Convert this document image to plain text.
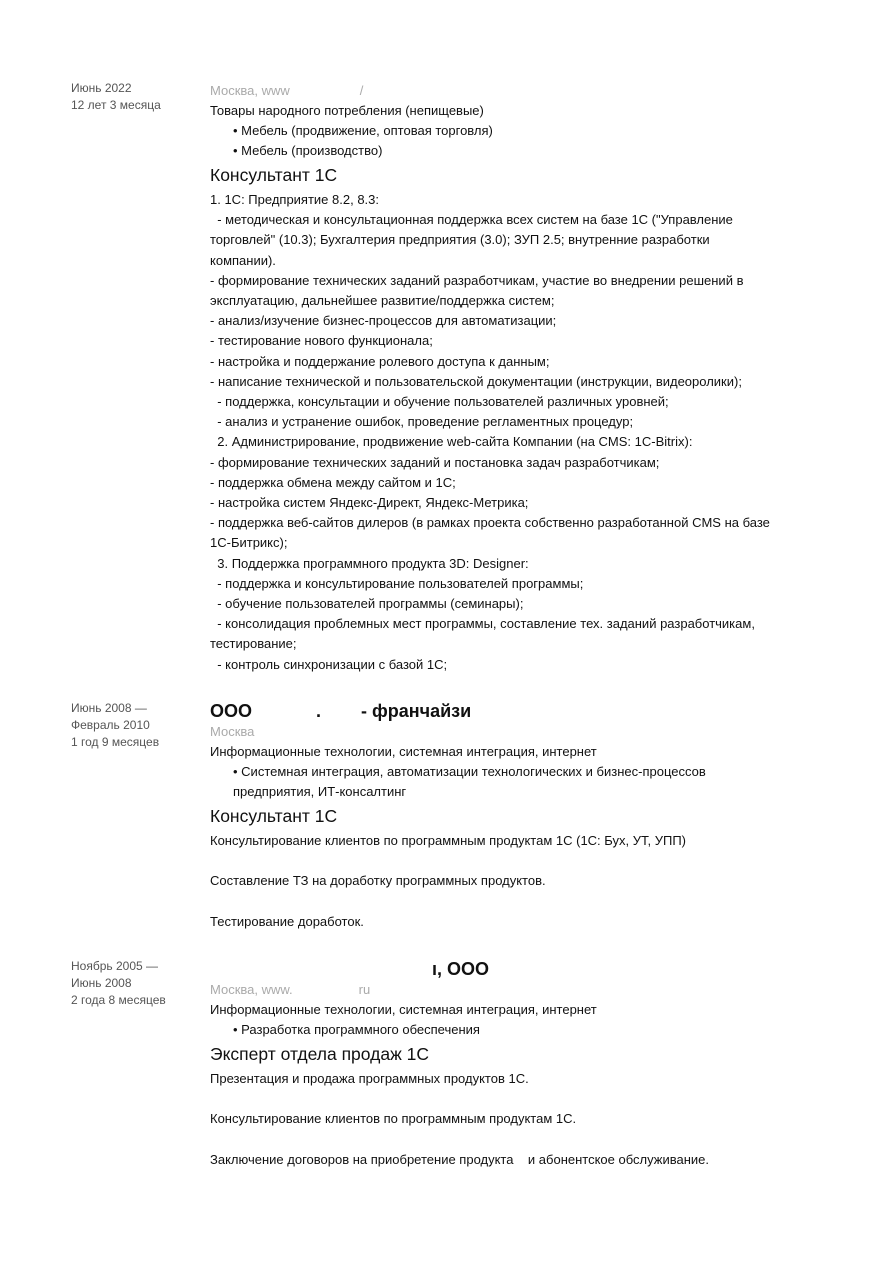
Июнь 2022
12 лет 3 месяца
Москва, www	/
Товары народного потребления (непищевые)
• Мебель (продвижение, оптовая торговля)
• Мебель (производство)
Консультант 1С
1. 1С: Предприятие 8.2, 8.3:
- методическая и консультационная поддержка всех систем на базе 1С ("Управление
торговлей" (10.3); Бухгалтерия предприятия (3.0); ЗУП 2.5; внутренние разработки
компании).
- формирование технических заданий разработчикам, участие во внедрении решений в
эксплуатацию, дальнейшее развитие/поддержка систем;
- анализ/изучение бизнес-процессов для автоматизации;
- тестирование нового функционала;
- настройка и поддержание ролевого доступа к данным;
- написание технической и пользовательской документации (инструкции, видеоролики);
- поддержка, консультации и обучение пользователей различных уровней;
- анализ и устранение ошибок, проведение регламентных процедур;
2. Администрирование, продвижение web-сайта Компании (на CMS: 1C-Bitrix):
- формирование технических заданий и постановка задач разработчикам;
- поддержка обмена между сайтом и 1С;
- настройка систем Яндекс-Директ, Яндекс-Метрика;
- поддержка веб-сайтов дилеров (в рамках проекта собственно разработанной CMS на базе
1С-Битрикс);
3. Поддержка программного продукта 3D: Designer:
- поддержка и консультирование пользователей программы;
- обучение пользователей программы (семинары);
- консолидация проблемных мест программы, составление тех. заданий разработчикам,
тестирование;
- контроль синхронизации с базой 1С;
Июнь 2008 —
Февраль 2010
1 год 9 месяцев
ООО	. - франчайзи
Москва
Информационные технологии, системная интеграция, интернет
• Системная интеграция, автоматизации технологических и бизнес-процессов
предприятия, ИТ-консалтинг
Консультант 1С
Консультирование клиентов по программным продуктам 1С (1С: Бух, УТ, УПП)
Составление ТЗ на доработку программных продуктов.
Тестирование доработок.
Ноябрь 2005 —
Июнь 2008
2 года 8 месяцев
ı, ООО
Москва, www.	ru
Информационные технологии, системная интеграция, интернет
• Разработка программного обеспечения
Эксперт отдела продаж 1С
Презентация и продажа программных продуктов 1С.
Консультирование клиентов по программным продуктам 1С.
Заключение договоров на приобретение продукта    и абонентское обслуживание.
